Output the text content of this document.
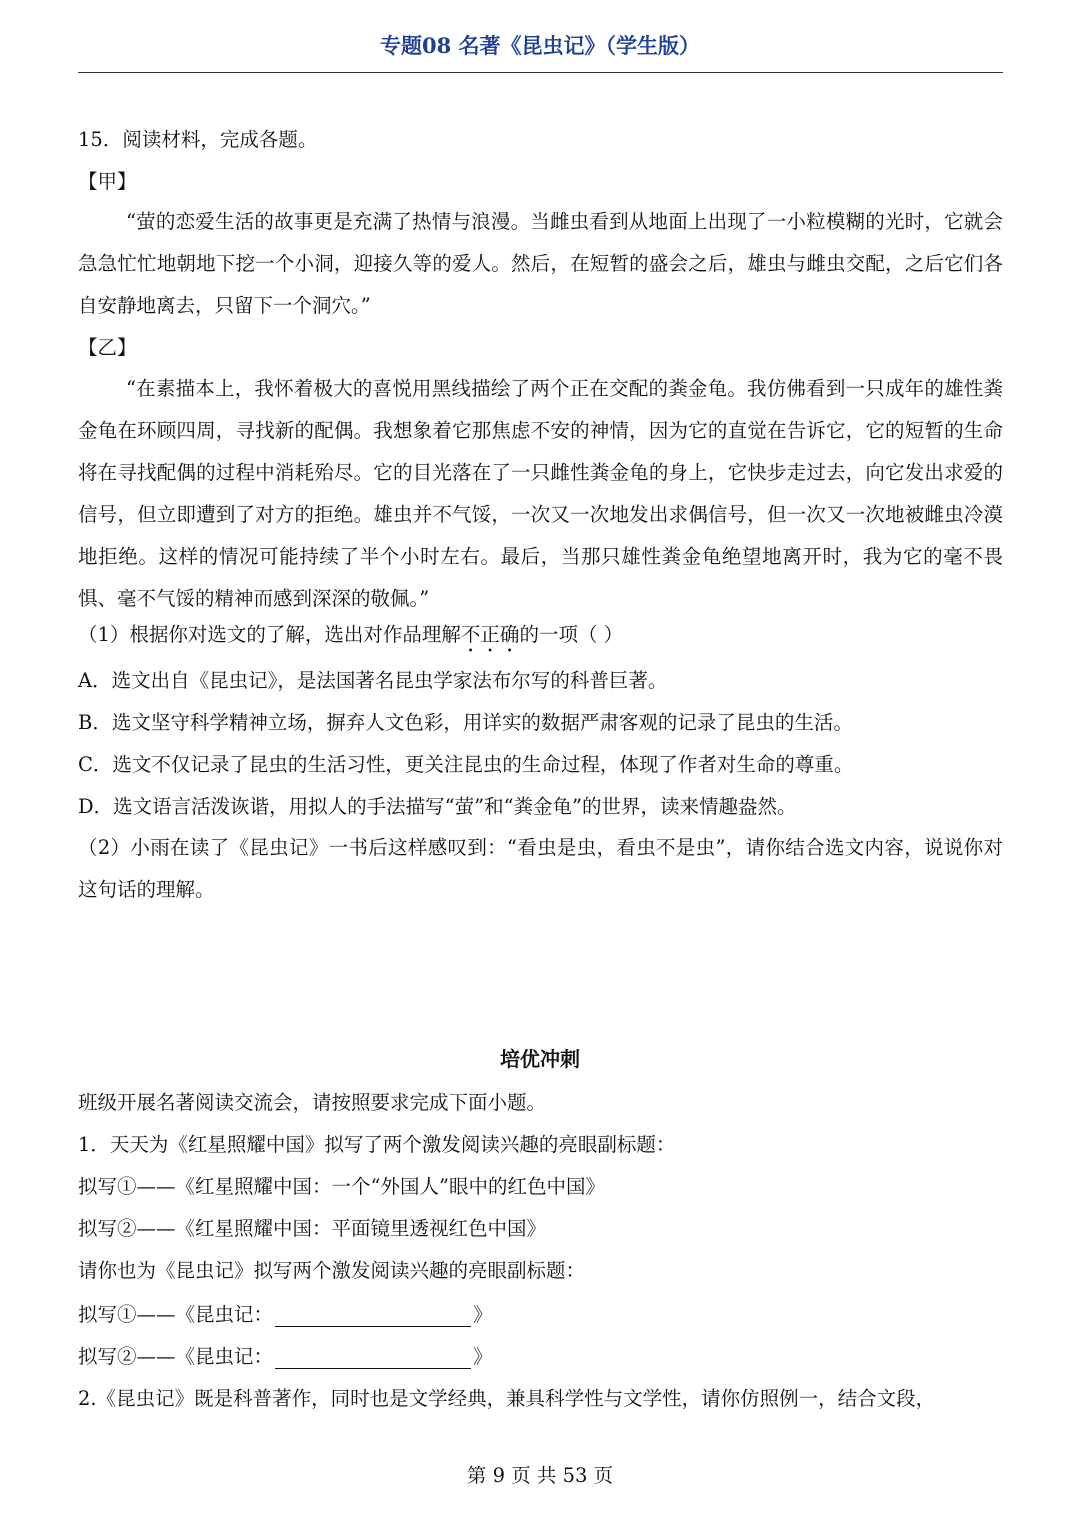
专题08 名著《昆虫记》（学生版）
15．阅读材料，完成各题。
【甲】
“萤的恋爱生活的故事更是充满了热情与浪漫。当雌虫看到从地面上出现了一小粒模糊的光时，它就会急急忙忙地朝地下挖一个小洞，迎接久等的爱人。然后，在短暂的盛会之后，雄虫与雌虫交配，之后它们各自安静地离去，只留下一个洞穴。”
【乙】
“在素描本上，我怀着极大的喜悦用黑线描绘了两个正在交配的粪金龟。我仿佛看到一只成年的雄性粪金龟在环顾四周，寻找新的配偶。我想象着它那焦虑不安的神情，因为它的直觉在告诉它，它的短暂的生命将在寻找配偶的过程中消耗殆尽。它的目光落在了一只雌性粪金龟的身上，它快步走过去，向它发出求爱的信号，但立即遭到了对方的拒绝。雄虫并不气馁，一次又一次地发出求偶信号，但一次又一次地被雌虫冷漠地拒绝。这样的情况可能持续了半个小时左右。最后，当那只雄性粪金龟绝望地离开时，我为它的毫不畏惧、毫不气馁的精神而感到深深的敬佩。”
（1）根据你对选文的了解，选出对作品理解不正确的一项（ ）
A．选文出自《昆虫记》，是法国著名昆虫学家法布尔写的科普巨著。
B．选文坚守科学精神立场，摒弃人文色彩，用详实的数据严肃客观的记录了昆虫的生活。
C．选文不仅记录了昆虫的生活习性，更关注昆虫的生命过程，体现了作者对生命的尊重。
D．选文语言活泼诙谐，用拟人的手法描写“萤”和“粪金龟”的世界，读来情趣盎然。
（2）小雨在读了《昆虫记》一书后这样感叹到：“看虫是虫，看虫不是虫”，请你结合选文内容，说说你对这句话的理解。
培优冲刺
班级开展名著阅读交流会，请按照要求完成下面小题。
1．天天为《红星照耀中国》拟写了两个激发阅读兴趣的亮眼副标题：
拟写①——《红星照耀中国：一个“外国人”眼中的红色中国》
拟写②——《红星照耀中国：平面镜里透视红色中国》
请你也为《昆虫记》拟写两个激发阅读兴趣的亮眼副标题：
拟写①——《昆虫记：	》
拟写②——《昆虫记：	》
2.《昆虫记》既是科普著作，同时也是文学经典，兼具科学性与文学性，请你仿照例一，结合文段，
第 9 页 共 53 页
